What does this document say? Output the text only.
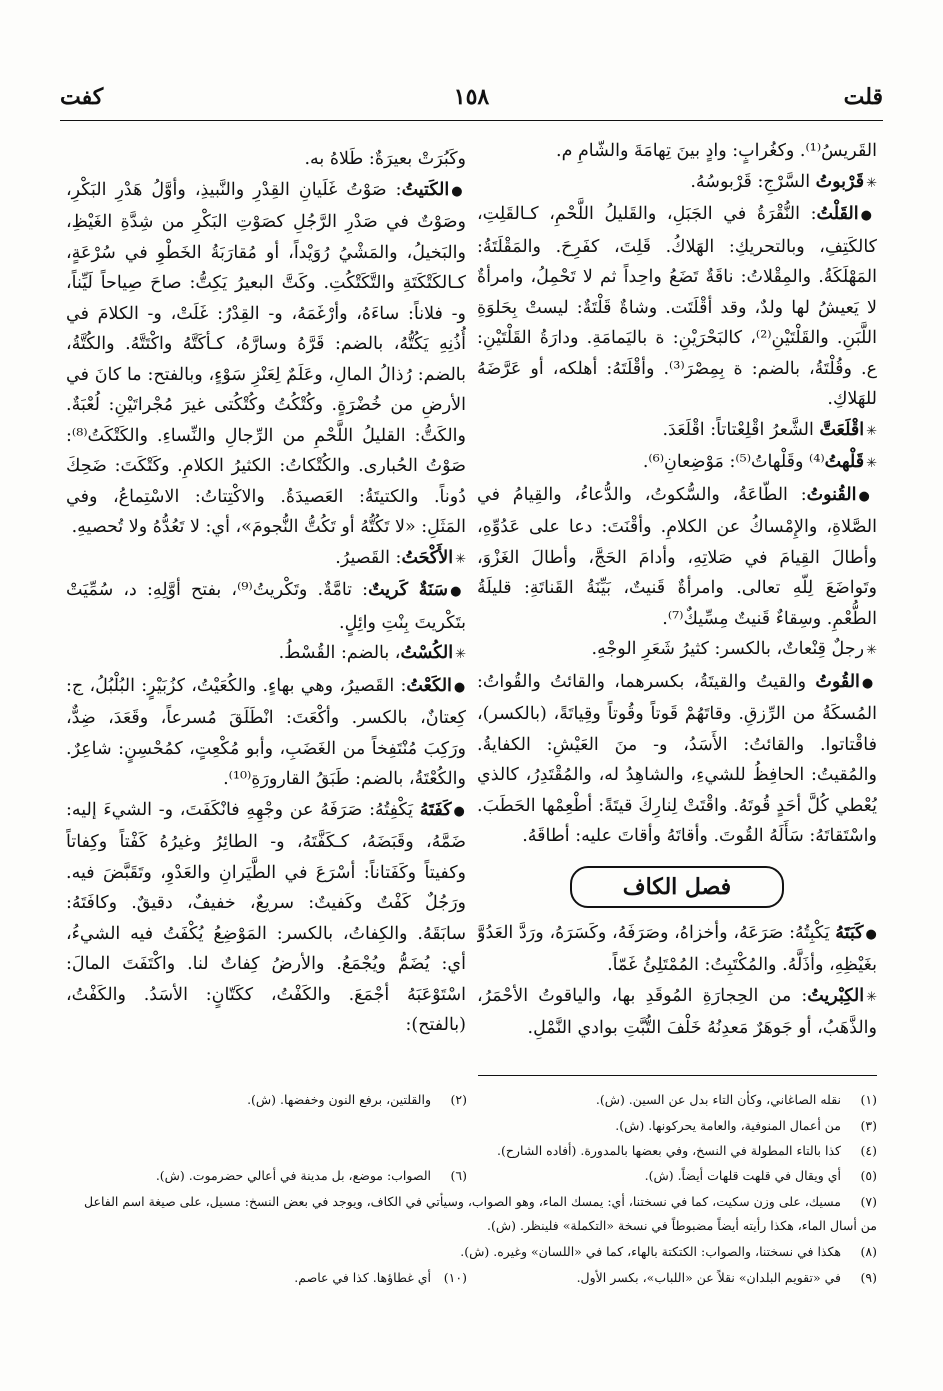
قلت
١٥٨
كفت

القَريسُ⁽¹⁾. وكغُرابٍ: وادٍ بينَ تِهامَةَ والشّامِ م.

✳ قَرْبوتُ السَّرْجِ: قَرْبوسُهُ.

● القَلْتُ: النُّقْرَةُ في الجَبَلِ، والقَليلُ اللَّحْمِ، كـالقَلِتِ، كالكَتِفِ، وبالتحريكِ: الهَلاكُ. قَلِتَ، كفَرِحَ. والمَقْلَتَةُ: المَهْلَكَةُ. والمِقْلاتُ: ناقَةٌ تَضَعُ واحِداً ثم لا تَحْمِلُ، وامرأةٌ لا يَعيشُ لها ولدٌ، وقد أقْلَتَت. وشاةٌ قَلْتَةٌ: ليستْ بِحَلوَةِ اللَّبَنِ. والقَلْتَيْنِ⁽²⁾، كالبَحْرَيْنِ: ة باليَمامَةِ. ودارَةُ القَلْتَيْنِ: ع. وقُلْتَةُ، بالضم: ة بِمِصْرَ⁽³⁾. وأقْلَتَهُ: أهلكه، أو عَرَّضَهُ للهَلاكِ.

✳ اقْلَعَتَّ الشَّعرُ اقْلِعْتاتاً: اقْلَعَدَ.

✳ قَلْهتُ⁽⁴⁾ وقَلْهاتُ⁽⁵⁾: مَوْضِعانِ⁽⁶⁾.

● القُنوتُ: الطّاعَةُ، والسُّكوتُ، والدُّعاءُ، والقِيامُ في الصَّلاةِ، والإِمْساكُ عن الكلامِ. وأقْنَتَ: دعا على عَدُوِّهِ، وأطالَ القِيامَ في صَلاتِهِ، وأدامَ الحَجَّ، وأطالَ الغَزْوَ، وتَواضَعَ لِلّهِ تعالى. وامرأةٌ قَنيتٌ، بَيِّنَةُ القَناتَةِ: قليلَةُ الطُّعْمِ. وسِقاءٌ قَنيتٌ مِسِّيكٌ⁽⁷⁾.

✳ رجلٌ قِنْعاتٌ، بالكسر: كثيرُ شَعَرِ الوجْهِ.

● القُوتُ والقيتُ والقيتَةُ، بكسرهما، والقائتُ والقُواتُ: المُسكَةُ من الرِّزقِ. وقاتَهُمْ قَوتاً وقُوتاً وقِياتَةً، (بالكسر)، فاقْتاتوا. والقائتُ: الأَسَدُ، و- منَ العَيْشِ: الكفايةُ. والمُقيتُ: الحافِظُ للشيءِ، والشاهِدُ له، والمُقْتَدِرُ، كالذي يُعْطي كُلَّ أحَدٍ قُوتَهُ. واقْتَتْ لِنارِكَ قيتَةً: أطْعِمْها الحَطَبَ. واسْتَقاتَهُ: سَأَلَهُ القُوتَ. وأقاتَهُ وأقاتَ عليه: أطاقَهُ.

فصل الكاف

● كَبَتَهُ يَكْبِتُهُ: صَرَعَهُ، وأخزاهُ، وصَرَفَهُ، وكَسَرَهُ، ورَدَّ العَدُوَّ بغَيْظِهِ، وأذَلَّهُ. والمُكْتَبِتُ: المُمْتَلِئُ غَمّاً.

✳ الكِبْريتُ: من الحِجارَةِ المُوقَدِ بها، والياقوتُ الأحْمَرُ، والذَّهَبُ، أو جَوهَرٌ مَعدِنُهُ خَلْفَ التُّبَّتِ بوادي النَّمْلِ.

وكَبُرَتْ بعيرَةٌ: طَلاهُ به.

● الكَتيتُ: صَوْتُ غَلَيانِ القِدْرِ والنَّبيذِ، وأوَّلُ هَدْرِ البَكْرِ، وصَوْتٌ في صَدْرِ الرَّجُلِ كصَوْتِ البَكْرِ من شِدَّةِ الغَيْظِ، والبَخيلُ، والمَشْيُ رُوَيْداً، أو مُقارَبَةُ الخَطْوِ في سُرْعَةٍ، كـالكَتْكَتَةِ والتَّكَتْكُتِ. وكَتَّ البعيرُ يَكِتُّ: صاحَ صِياحاً لَيِّناً، و- فلاناً: ساءَهُ، وأرْغَمَهُ، و- القِدْرُ: غَلَتْ، و- الكلامَ في أُذُنِهِ يَكُتُّهُ، بالضم: قَرَّهُ وسارَّهُ، كـأكَتَّهُ واكْتَتَّهُ. والكُتَّةُ، بالضم: رُذالُ المالِ، وعَلَمٌ لِعَنْزِ سَوْءٍ، وبالفتح: ما كانَ في الأرضِ من خُضْرَةٍ. وكُتْكُتُ وكُتْكُتى غيرَ مُجْراتَيْنِ: لُعْبَةٌ. والكَتُّ: القليلُ اللَّحْمِ من الرِّجالِ والنِّساءِ. والكَتْكَتُ⁽⁸⁾: صَوْتُ الحُبارى. والكُتْكاتُ: الكثيرُ الكلامِ. وكَتْكَتَ: ضَحِكَ دُوناً. والكتيتَةُ: العَصيدَةُ. والاكْتِتاتُ: الاسْتِماعُ، وفي المَثَلِ: «لا تَكُتُّهُ أو تَكُتُّ النُّجومَ»، أي: لا تَعُدُّهُ ولا تُحصيهِ.

✳ الأَكْحَتُ: القَصيرُ.

● سَنَةٌ كَريتٌ: تامَّةٌ. وتَكْريتُ⁽⁹⁾، بفتح أوَّلِهِ: د، سُمِّيَتْ بتَكْريتَ بِنْتِ وائِلٍ.

✳ الكُسْتُ، بالضم: القُسْطُ.

● الكَعْتُ: القَصيرُ، وهي بهاءٍ. والكُعَيْتُ، كزُبَيْرٍ: البُلْبُلُ، ج: كِعتانٌ، بالكسر. وأكْعَتَ: انْطَلَقَ مُسرعاً، وقَعَدَ، ضِدٌّ، ورَكِبَ مُنْتَفِخاً من الغَضَبِ، وأبو مُكْعِتٍ، كمُحْسِنٍ: شاعِرٌ. والكُعْتَةُ، بالضم: طَبَقُ القارورَةِ⁽¹⁰⁾.

● كَفَتَهُ يَكْفِتُهُ: صَرَفَهُ عن وجْهِهِ فانْكَفَتَ، و- الشيءَ إليه: ضَمَّهُ، وقَبَضَهُ، كـكَفَّتَهُ، و- الطائِرُ وغيرُهُ كَفْتاً وكِفاتاً وكفيتاً وكَفَتاناً: أسْرَعَ في الطَّيَرانِ والعَدْوِ، وتَقَبَّضَ فيه. ورَجُلٌ كَفْتٌ وكَفيتٌ: سريعٌ، خفيفٌ، دقيقٌ. وكافَتَهُ: سابَقَهُ. والكِفاتُ، بالكسر: المَوْضِعُ يُكْفَتُ فيه الشيءُ، أي: يُضَمُّ ويُجْمَعُ. والأرضُ كِفاتٌ لنا. واكْتَفَتَ المالَ: اسْتَوْعَبَهُ أجْمَعَ. والكَفْتُ، ككَتّانٍ: الأسَدُ. والكَفْتُ، (بالفتح):

(١)نقله الصاغاني، وكأن التاء بدل عن السين. (ش).
(٢)والقلتين، برفع النون وخفضها. (ش).
(٣)من أعمال المنوفية، والعامة يحركونها. (ش).
(٤)كذا بالتاء المطولة في النسخ، وفي بعضها بالمدورة. (أفاده الشارح).
(٥)أي ويقال في قلهت قلهات أيضاً. (ش).
(٦)الصواب: موضع، بل مدينة في أعالي حضرموت. (ش).
(٧)مسيك، على وزن سكيت، كما في نسختنا، أي: يمسك الماء، وهو الصواب، وسيأتي في الكاف، ويوجد في بعض النسخ: مسيل، على صيغة اسم الفاعل من أسال الماء، هكذا رأيته أيضاً مضبوطاً في نسخة «التكملة» فلينظر. (ش).
(٨)هكذا في نسختنا، والصواب: الكتكتة بالهاء، كما في «اللسان» وغيره. (ش).
(٩)في «تقويم البلدان» نقلاً عن «اللباب»، بكسر الأول.
(١٠)أي غطاؤها. كذا في عاصم.
